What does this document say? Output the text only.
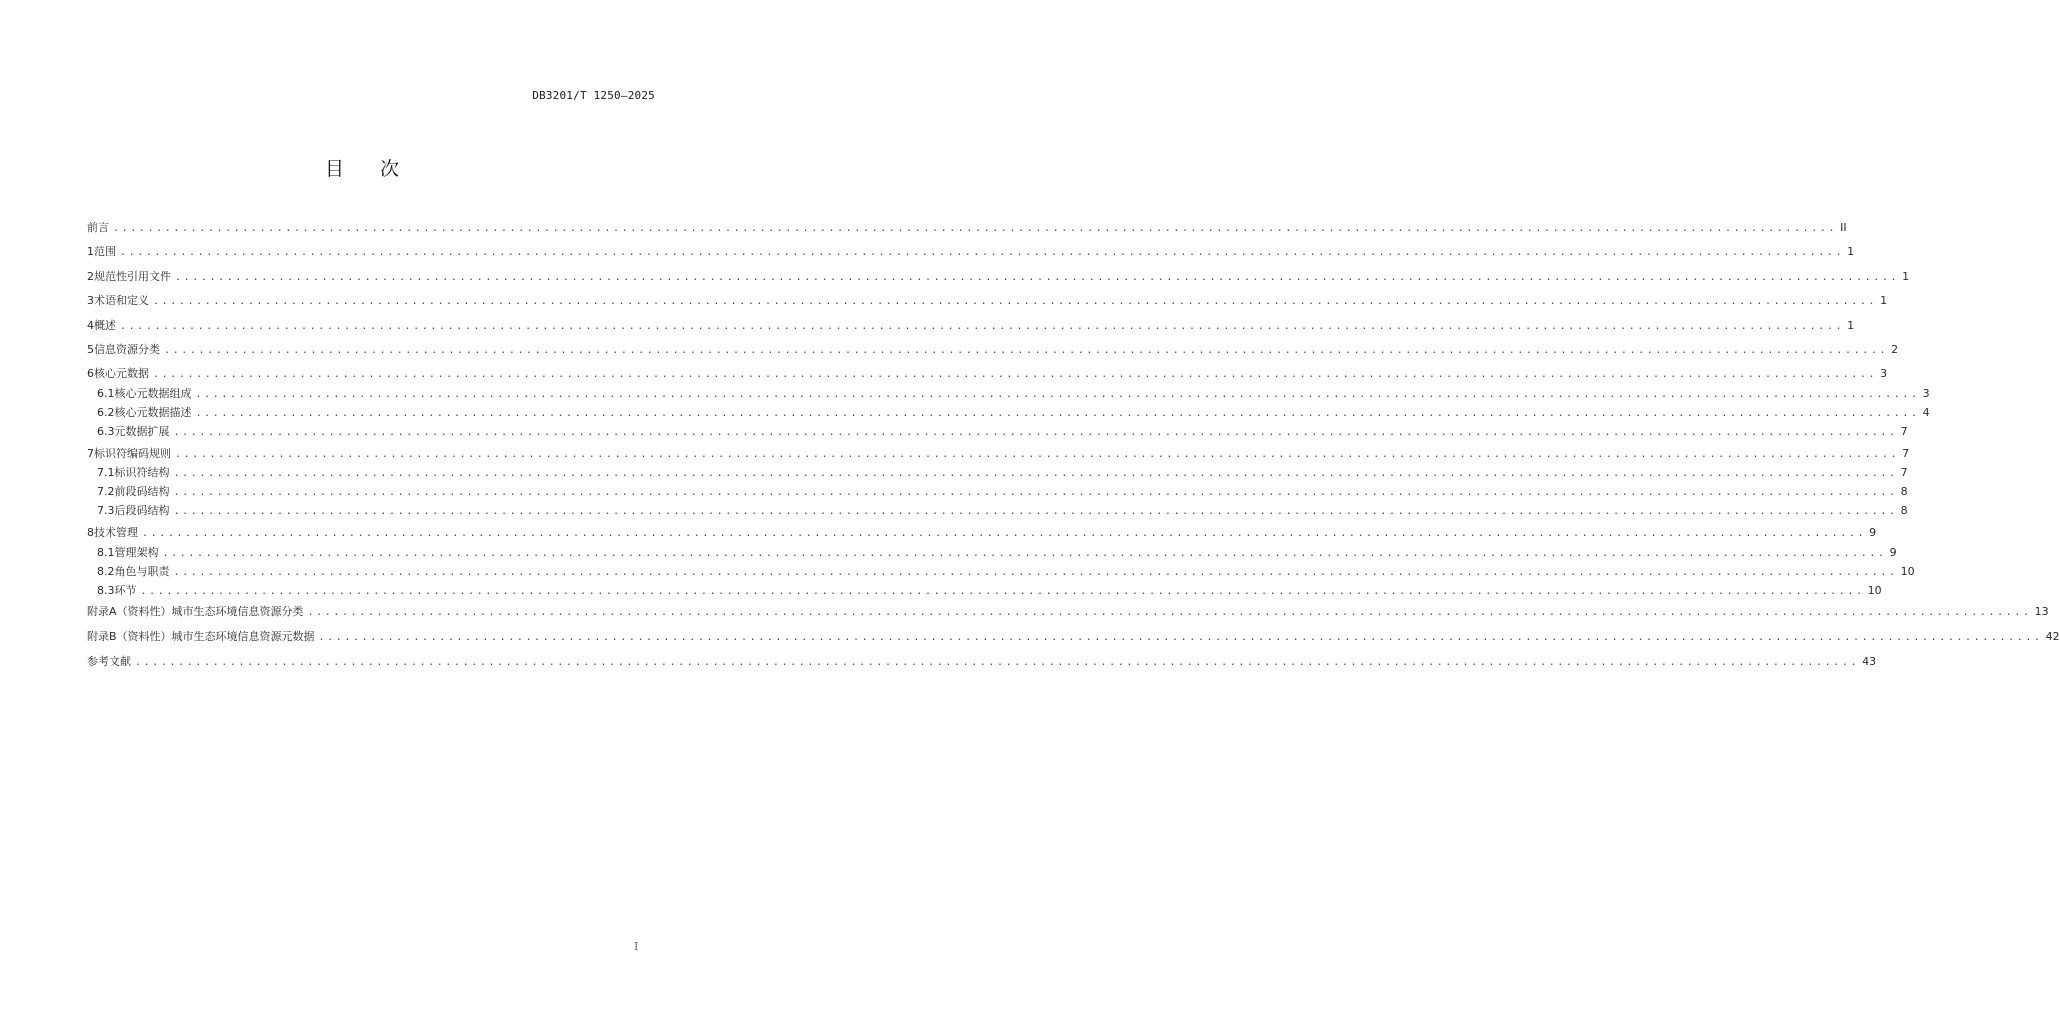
DB3201/T 1250—2025
目次
前言 ........................................................................................................................................................................................................ II
1 范围 ........................................................................................................................................................................................................ 1
2 规范性引用文件 ........................................................................................................................................................................................................ 1
3 术语和定义 ........................................................................................................................................................................................................ 1
4 概述 ........................................................................................................................................................................................................ 1
5 信息资源分类 ........................................................................................................................................................................................................ 2
6 核心元数据 ........................................................................................................................................................................................................ 3
6.1 核心元数据组成 ........................................................................................................................................................................................................ 3
6.2 核心元数据描述 ........................................................................................................................................................................................................ 4
6.3 元数据扩展 ........................................................................................................................................................................................................ 7
7 标识符编码规则 ........................................................................................................................................................................................................ 7
7.1 标识符结构 ........................................................................................................................................................................................................ 7
7.2 前段码结构 ........................................................................................................................................................................................................ 8
7.3 后段码结构 ........................................................................................................................................................................................................ 8
8 技术管理 ........................................................................................................................................................................................................ 9
8.1 管理架构 ........................................................................................................................................................................................................ 9
8.2 角色与职责 ........................................................................................................................................................................................................ 10
8.3 环节 ........................................................................................................................................................................................................ 10
附录A（资料性） 城市生态环境信息资源分类 ........................................................................................................................................................................................................ 13
附录B（资料性） 城市生态环境信息资源元数据 ........................................................................................................................................................................................................ 42
参考文献 ........................................................................................................................................................................................................ 43
I
